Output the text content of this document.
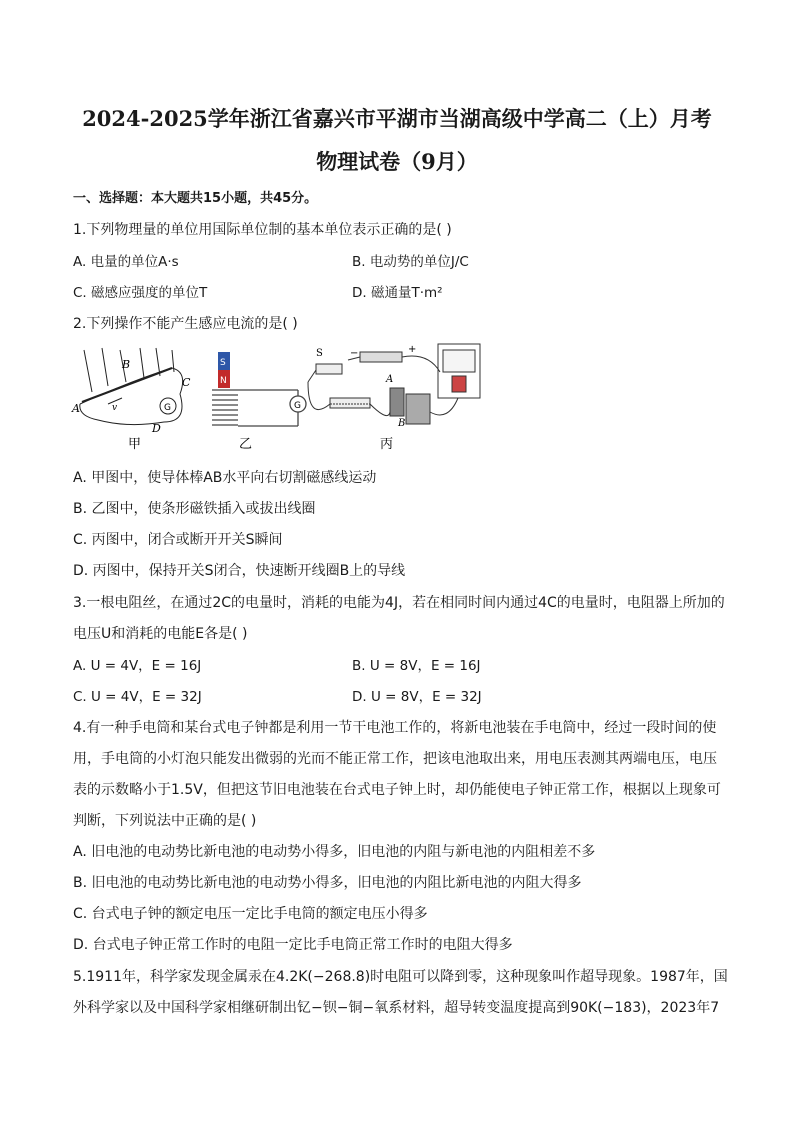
2024-2025学年浙江省嘉兴市平湖市当湖高级中学高二（上）月考
物理试卷（9月）
一、选择题：本大题共15小题，共45分。
1.下列物理量的单位用国际单位制的基本单位表示正确的是( )
A. 电量的单位A·s	B. 电动势的单位J/C
C. 磁感应强度的单位T	D. 磁通量T·m²
2.下列操作不能产生感应电流的是( )
A
B
C
D
v	G
甲
S
N
G
乙
S	+
−
A
B
丙
A. 甲图中，使导体棒AB水平向右切割磁感线运动
B. 乙图中，使条形磁铁插入或拔出线圈
C. 丙图中，闭合或断开开关S瞬间
D. 丙图中，保持开关S闭合，快速断开线圈B上的导线
3.一根电阻丝，在通过2C的电量时，消耗的电能为4J，若在相同时间内通过4C的电量时，电阻器上所加的
电压U和消耗的电能E各是( )
A. U = 4V，E = 16J	B. U = 8V，E = 16J
C. U = 4V，E = 32J	D. U = 8V，E = 32J
4.有一种手电筒和某台式电子钟都是利用一节干电池工作的，将新电池装在手电筒中，经过一段时间的使
用，手电筒的小灯泡只能发出微弱的光而不能正常工作，把该电池取出来，用电压表测其两端电压，电压
表的示数略小于1.5V，但把这节旧电池装在台式电子钟上时，却仍能使电子钟正常工作，根据以上现象可
判断，下列说法中正确的是( )
A. 旧电池的电动势比新电池的电动势小得多，旧电池的内阻与新电池的内阻相差不多
B. 旧电池的电动势比新电池的电动势小得多，旧电池的内阻比新电池的内阻大得多
C. 台式电子钟的额定电压一定比手电筒的额定电压小得多
D. 台式电子钟正常工作时的电阻一定比手电筒正常工作时的电阻大得多
5.1911年，科学家发现金属汞在4.2K(−268.8)时电阻可以降到零，这种现象叫作超导现象。1987年，国
外科学家以及中国科学家相继研制出钇−钡−铜−氧系材料，超导转变温度提高到90K(−183)，2023年7
